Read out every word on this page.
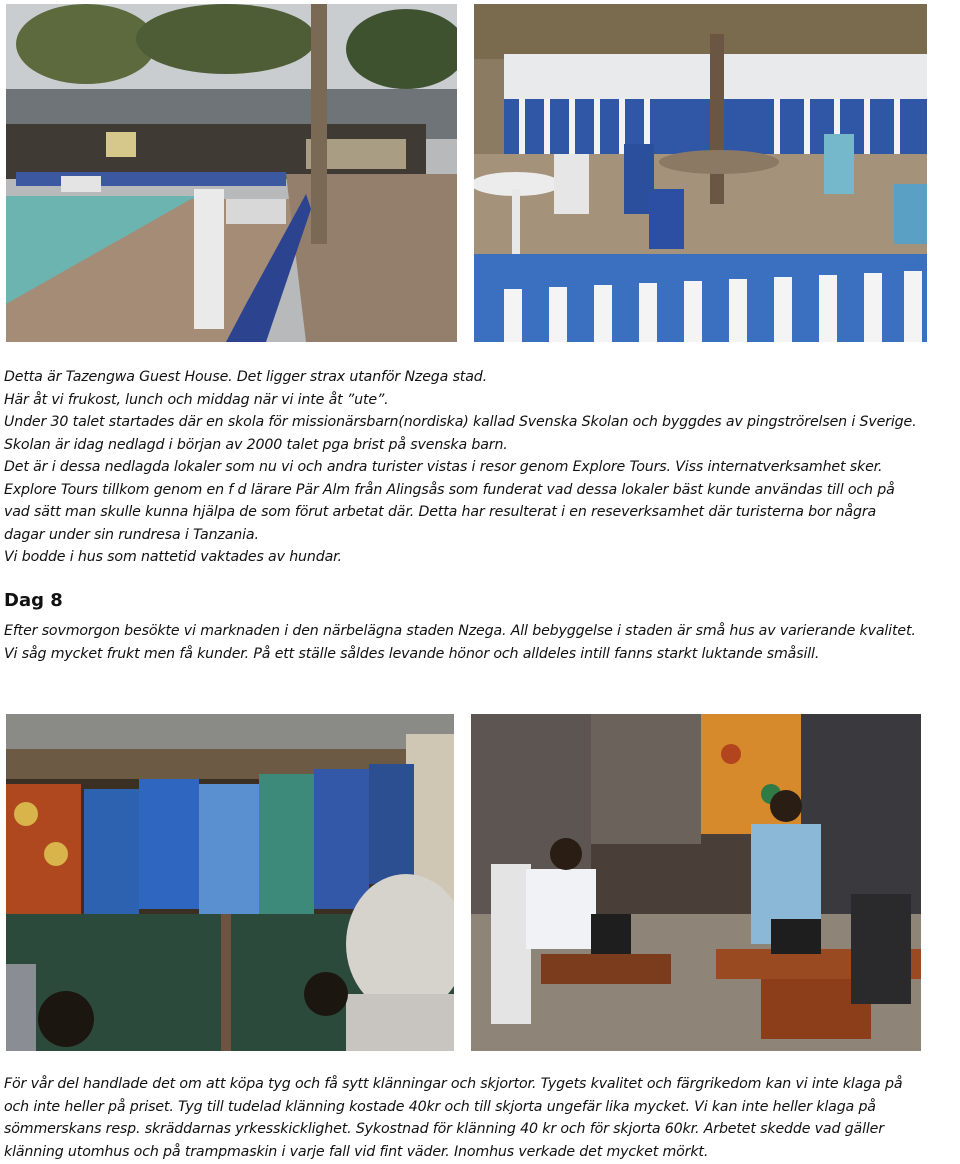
Detta är Tazengwa Guest House. Det ligger strax utanför Nzega stad.
Här åt vi frukost, lunch och middag när vi inte åt ”ute”.
Under 30 talet startades där en skola för missionärsbarn(nordiska) kallad Svenska Skolan och byggdes av pingströrelsen i Sverige.
Skolan är idag nedlagd i början av 2000 talet pga brist på svenska barn.
Det är i dessa nedlagda lokaler som nu vi och andra turister vistas i resor genom Explore Tours. Viss internatverksamhet sker.
Explore Tours tillkom genom en f d lärare Pär Alm från Alingsås som funderat vad dessa lokaler bäst kunde användas till och på
vad sätt man skulle kunna hjälpa de som förut arbetat där. Detta har resulterat i en reseverksamhet där turisterna bor några
dagar under sin rundresa i Tanzania.
Vi bodde i hus som nattetid vaktades av hundar.
Dag 8
Efter sovmorgon besökte vi marknaden i den närbelägna staden Nzega. All bebyggelse i staden är små hus av varierande kvalitet.
Vi såg mycket frukt men få kunder. På ett ställe såldes levande hönor och alldeles intill fanns starkt luktande småsill.
För vår del handlade det om att köpa tyg och få sytt klänningar och skjortor. Tygets kvalitet och färgrikedom kan vi inte klaga på
och inte heller på priset. Tyg till tudelad klänning kostade 40kr och till skjorta ungefär lika mycket. Vi kan inte heller klaga på
sömmerskans resp. skräddarnas yrkesskicklighet. Sykostnad för klänning 40 kr och för skjorta 60kr. Arbetet skedde vad gäller
klänning utomhus och på trampmaskin i varje fall vid fint väder. Inomhus verkade det mycket mörkt.
